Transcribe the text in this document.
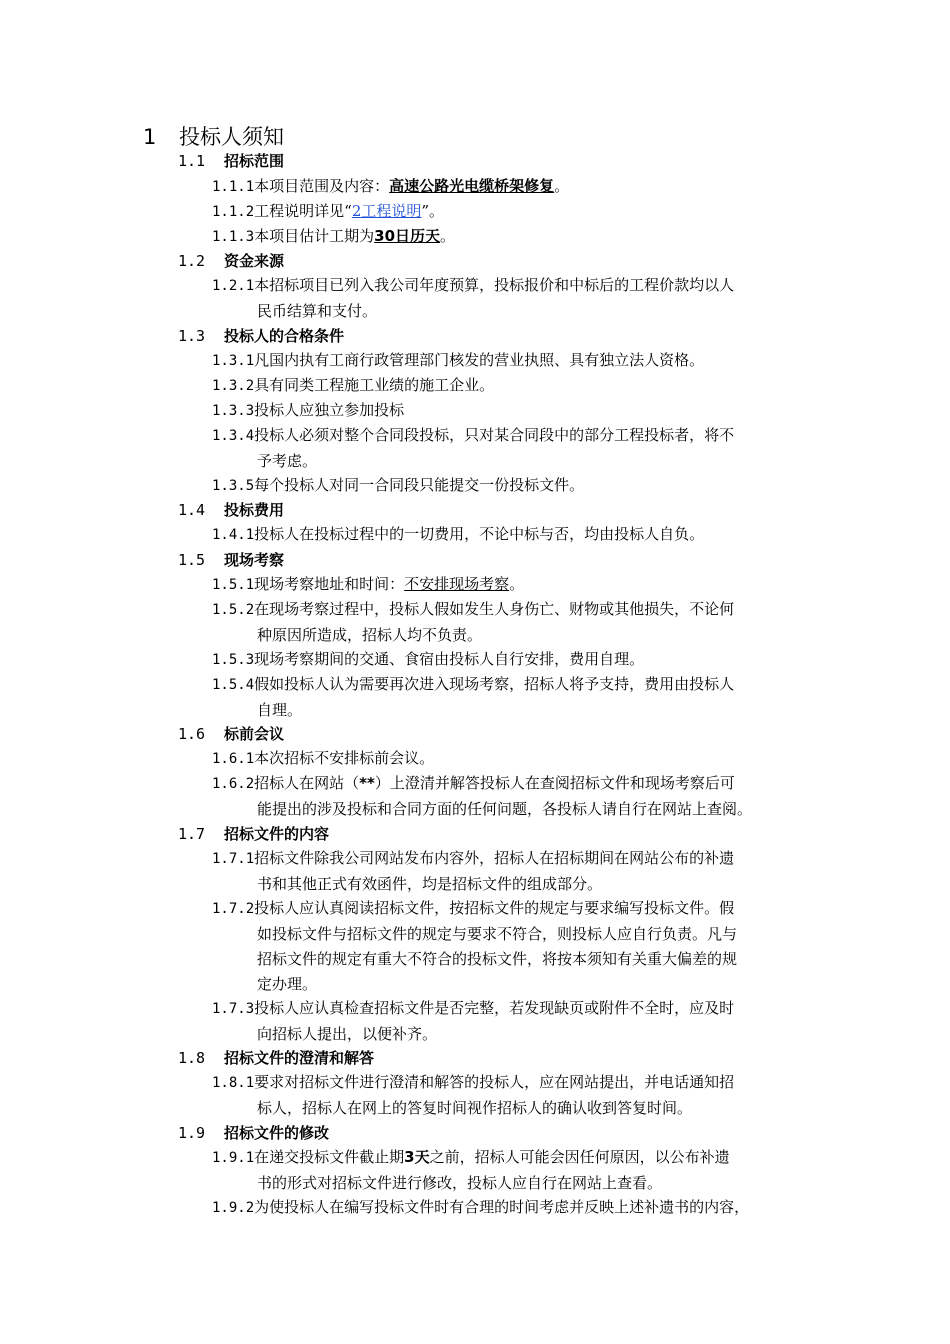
1 投标人须知
1.1 招标范围
1.1.1本项目范围及内容：高速公路光电缆桥架修复。
1.1.2工程说明详见“2工程说明”。
1.1.3本项目估计工期为30日历天。
1.2 资金来源
1.2.1本招标项目已列入我公司年度预算，投标报价和中标后的工程价款均以人
民币结算和支付。
1.3 投标人的合格条件
1.3.1凡国内执有工商行政管理部门核发的营业执照、具有独立法人资格。
1.3.2具有同类工程施工业绩的施工企业。
1.3.3投标人应独立参加投标
1.3.4投标人必须对整个合同段投标，只对某合同段中的部分工程投标者，将不
予考虑。
1.3.5每个投标人对同一合同段只能提交一份投标文件。
1.4 投标费用
1.4.1投标人在投标过程中的一切费用，不论中标与否，均由投标人自负。
1.5 现场考察
1.5.1现场考察地址和时间：不安排现场考察。
1.5.2在现场考察过程中，投标人假如发生人身伤亡、财物或其他损失，不论何
种原因所造成，招标人均不负责。
1.5.3现场考察期间的交通、食宿由投标人自行安排，费用自理。
1.5.4假如投标人认为需要再次进入现场考察，招标人将予支持，费用由投标人
自理。
1.6 标前会议
1.6.1本次招标不安排标前会议。
1.6.2招标人在网站（**）上澄清并解答投标人在查阅招标文件和现场考察后可
能提出的涉及投标和合同方面的任何问题，各投标人请自行在网站上查阅。
1.7 招标文件的内容
1.7.1招标文件除我公司网站发布内容外，招标人在招标期间在网站公布的补遗
书和其他正式有效函件，均是招标文件的组成部分。
1.7.2投标人应认真阅读招标文件，按招标文件的规定与要求编写投标文件。假
如投标文件与招标文件的规定与要求不符合，则投标人应自行负责。凡与
招标文件的规定有重大不符合的投标文件，将按本须知有关重大偏差的规
定办理。
1.7.3投标人应认真检查招标文件是否完整，若发现缺页或附件不全时，应及时
向招标人提出，以便补齐。
1.8 招标文件的澄清和解答
1.8.1要求对招标文件进行澄清和解答的投标人，应在网站提出，并电话通知招
标人，招标人在网上的答复时间视作招标人的确认收到答复时间。
1.9 招标文件的修改
1.9.1在递交投标文件截止期3天之前，招标人可能会因任何原因，以公布补遗
书的形式对招标文件进行修改，投标人应自行在网站上查看。
1.9.2为使投标人在编写投标文件时有合理的时间考虑并反映上述补遗书的内容，
